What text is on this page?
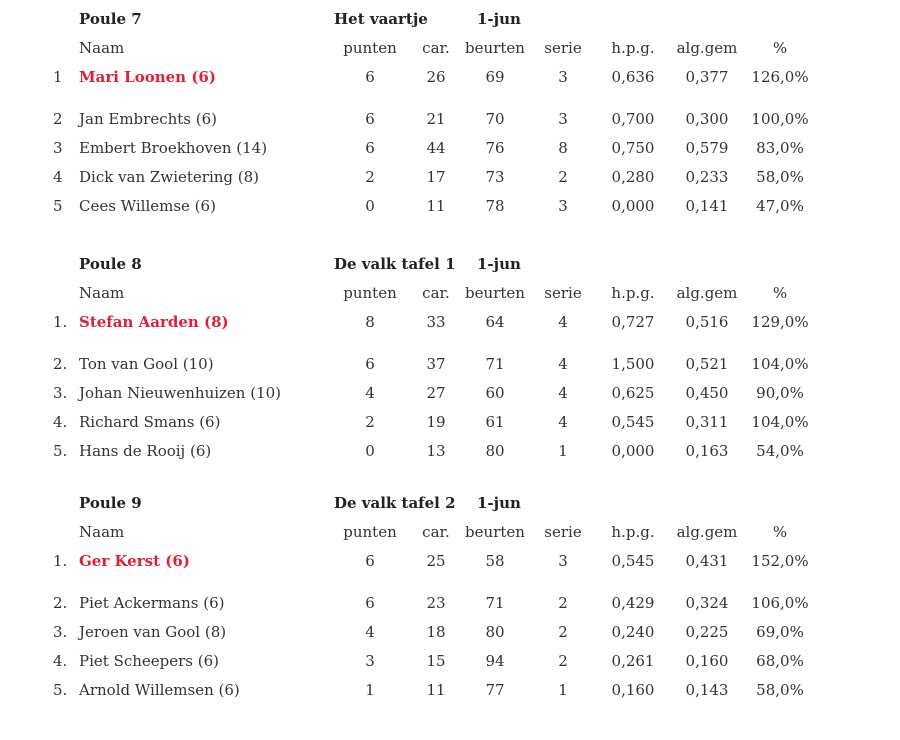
Poule 7	Het vaartje	1-jun
Naam	punten car. beurten serie h.p.g. alg.gem %
1 Mari Loonen (6)	6	26	69	3	0,636 0,377 126,0%
2 Jan Embrechts (6)	6	21	70	3	0,700 0,300 100,0%
3 Embert Broekhoven (14)	6	44	76	8	0,750 0,579 83,0%
4 Dick van Zwietering (8)	2	17	73	2	0,280 0,233 58,0%
5 Cees Willemse (6)	0	11	78	3	0,000 0,141 47,0%
Poule 8	De valk tafel 1 1-jun
Naam	punten car. beurten serie h.p.g. alg.gem %
1. Stefan Aarden (8)	8	33	64	4	0,727 0,516 129,0%
2. Ton van Gool (10)	6	37	71	4	1,500 0,521 104,0%
3. Johan Nieuwenhuizen (10)	4	27	60	4	0,625 0,450 90,0%
4. Richard Smans (6)	2	19	61	4	0,545 0,311 104,0%
5. Hans de Rooij (6)	0	13	80	1	0,000 0,163 54,0%
Poule 9	De valk tafel 2 1-jun
Naam	punten car. beurten serie h.p.g. alg.gem %
1. Ger Kerst (6)	6	25	58	3	0,545 0,431 152,0%
2. Piet Ackermans (6)	6	23	71	2	0,429 0,324 106,0%
3. Jeroen van Gool (8)	4	18	80	2	0,240 0,225 69,0%
4. Piet Scheepers (6)	3	15	94	2	0,261 0,160 68,0%
5. Arnold Willemsen (6)	1	11	77	1	0,160 0,143 58,0%
